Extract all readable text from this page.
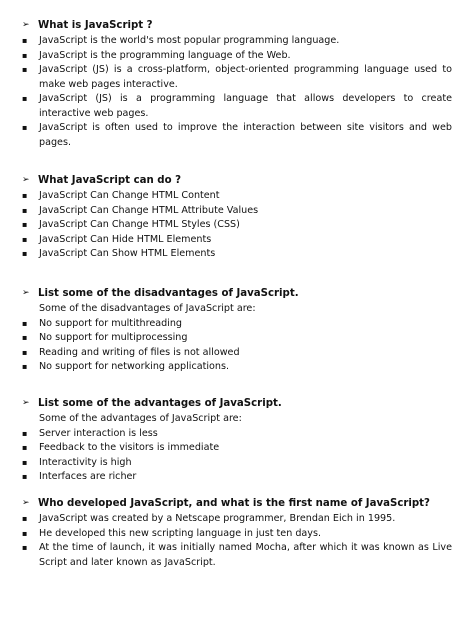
➢ What is JavaScript ?
▪	JavaScript is the world's most popular programming language.
▪	JavaScript is the programming language of the Web.
▪	JavaScript (JS) is a cross-platform, object-oriented programming language used to make web pages interactive.
▪	JavaScript (JS) is a programming language that allows developers to create interactive web pages.
▪	JavaScript is often used to improve the interaction between site visitors and web pages.
➢ What JavaScript can do ?
▪	JavaScript Can Change HTML Content
▪	JavaScript Can Change HTML Attribute Values
▪	JavaScript Can Change HTML Styles (CSS)
▪	JavaScript Can Hide HTML Elements
▪	JavaScript Can Show HTML Elements
➢ List some of the disadvantages of JavaScript.
Some of the disadvantages of JavaScript are:
▪	No support for multithreading
▪	No support for multiprocessing
▪	Reading and writing of files is not allowed
▪	No support for networking applications.
➢ List some of the advantages of JavaScript.
Some of the advantages of JavaScript are:
▪	Server interaction is less
▪	Feedback to the visitors is immediate
▪	Interactivity is high
▪	Interfaces are richer
➢ Who developed JavaScript, and what is the first name of JavaScript?
▪	JavaScript was created by a Netscape programmer, Brendan Eich in 1995.
▪	He developed this new scripting language in just ten days.
▪	At the time of launch, it was initially named Mocha, after which it was known as Live Script and later known as JavaScript.
